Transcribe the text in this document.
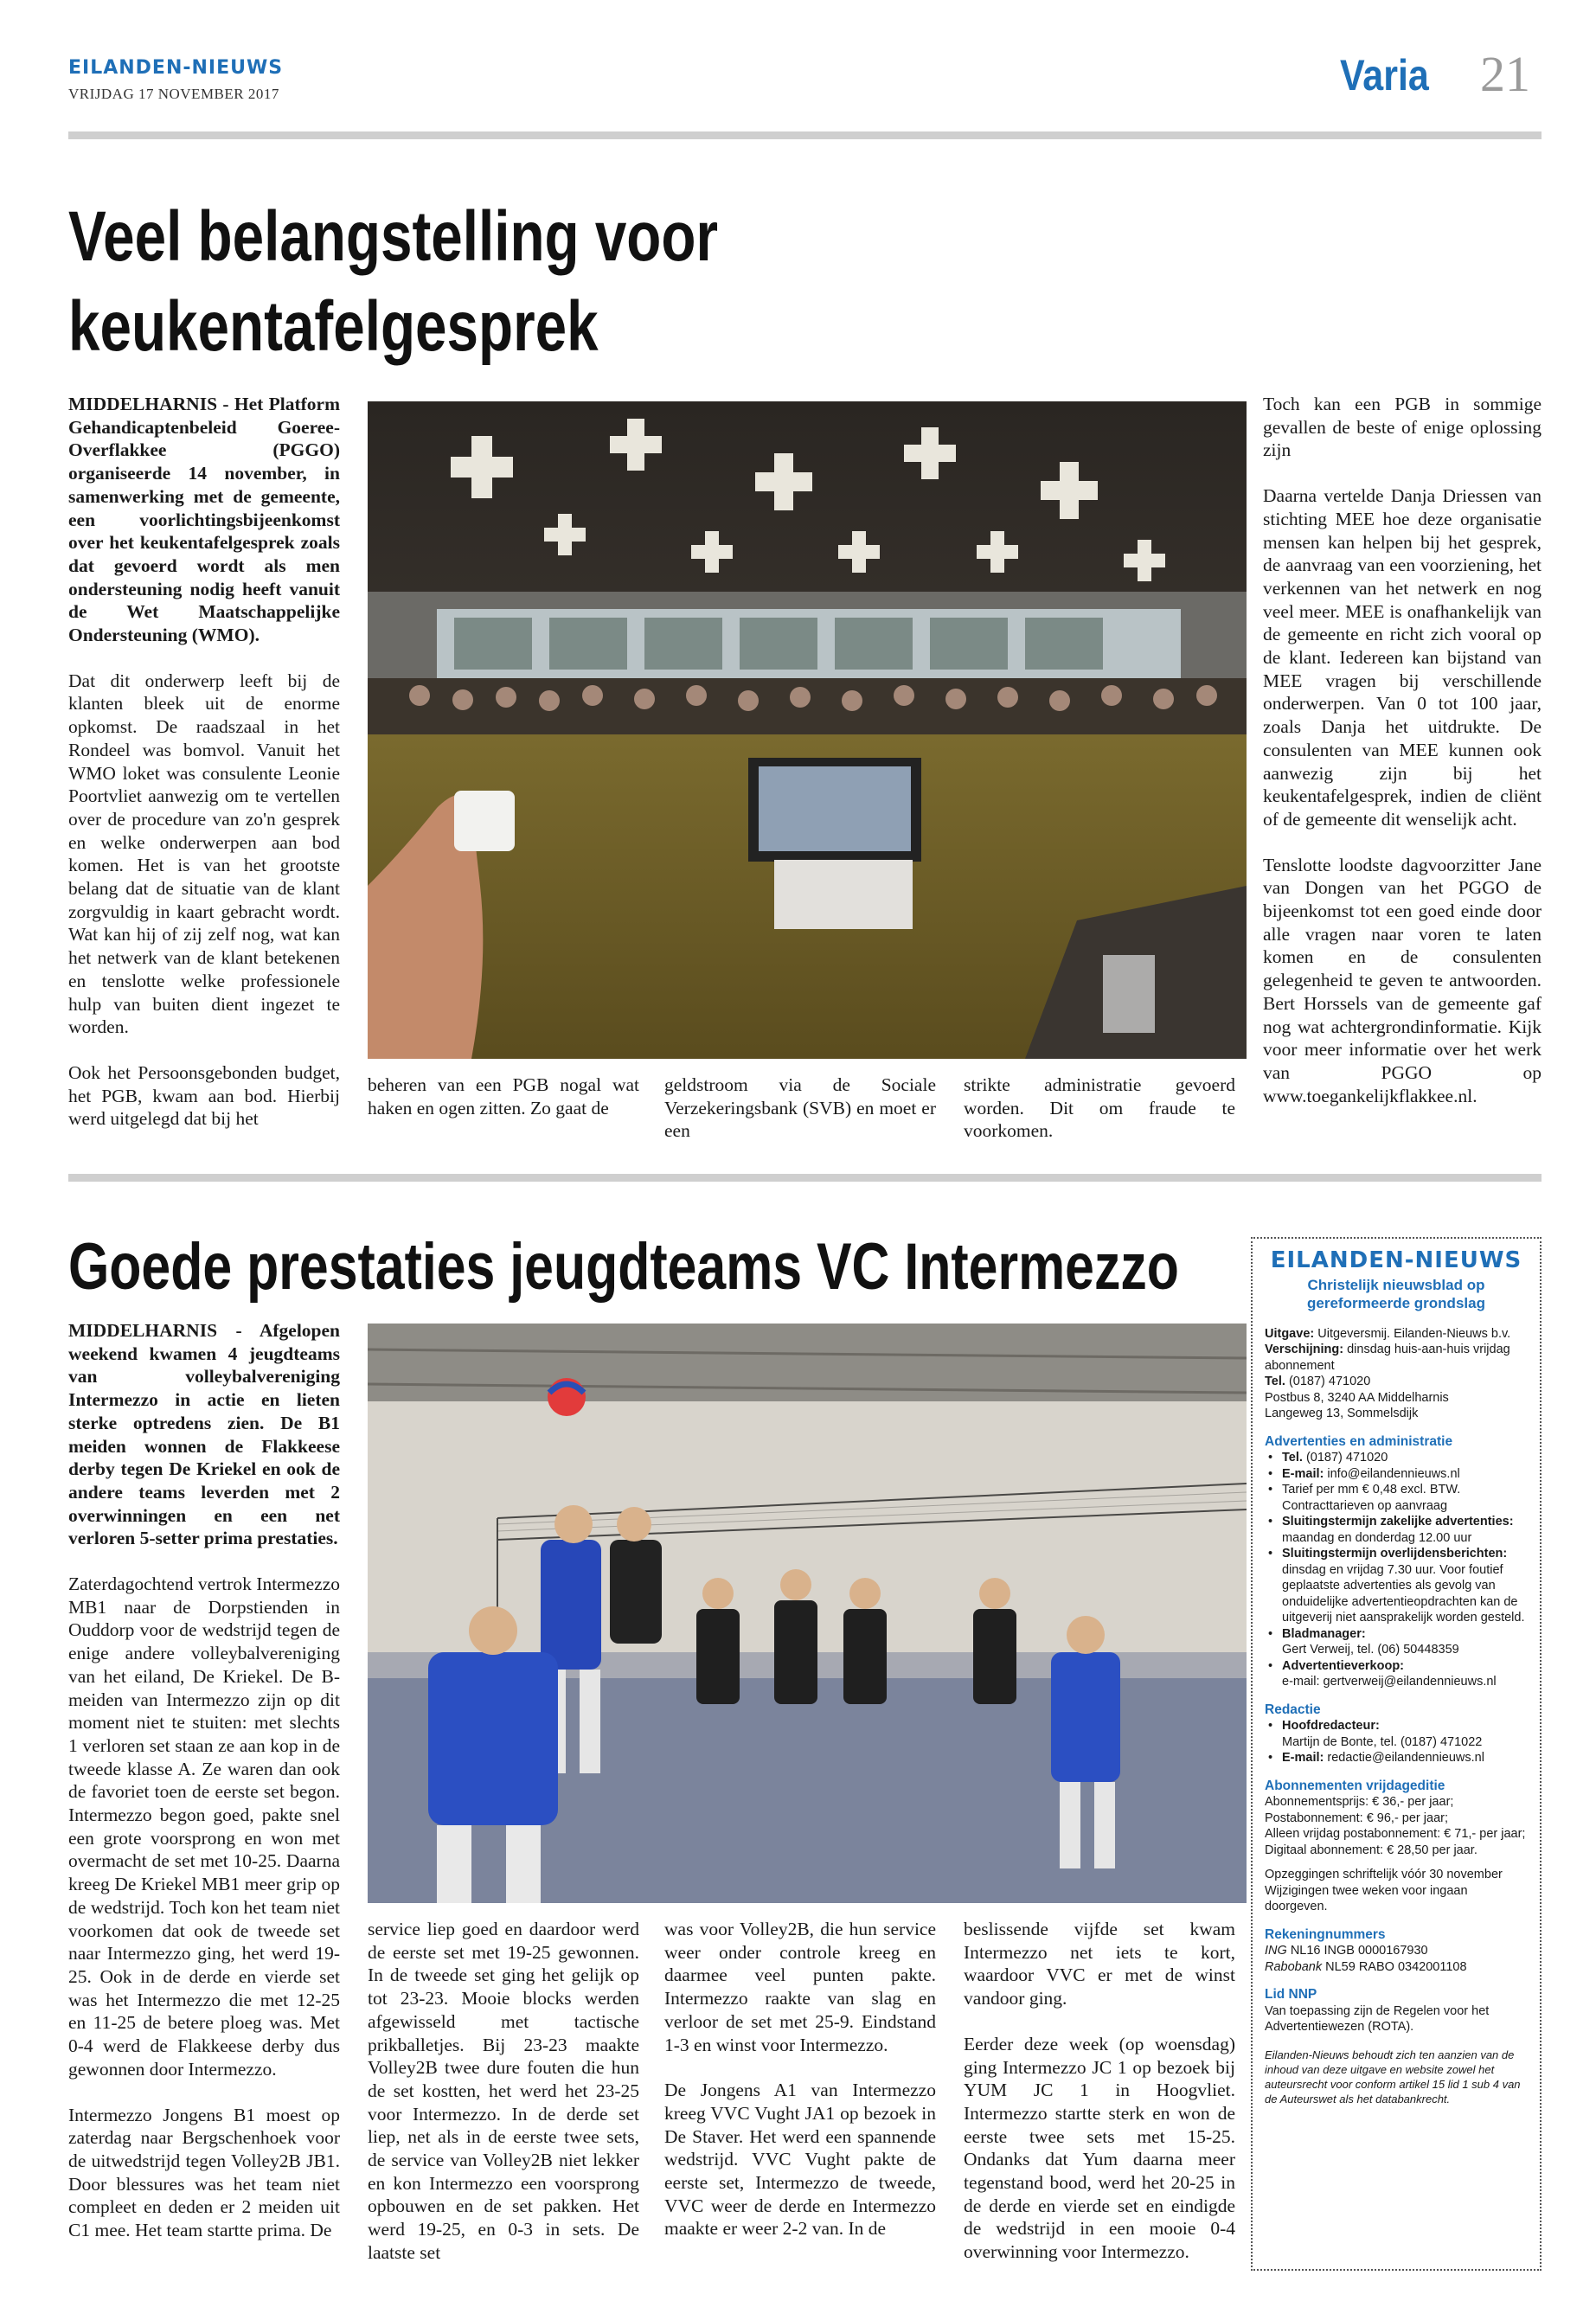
EILANDEN-NIEUWS
VRIJDAG 17 NOVEMBER 2017	Varia 21
Veel belangstelling voor
keukentafelgesprek

MIDDELHARNIS - Het Platform Gehandicaptenbeleid Goeree-Overflakkee (PGGO) organiseerde 14 november, in samenwerking met de gemeente, een voorlichtingsbijeenkomst over het keukentafelgesprek zoals dat gevoerd wordt als men ondersteuning nodig heeft vanuit de Wet Maatschappelijke Ondersteuning (WMO).

Dat dit onderwerp leeft bij de klanten bleek uit de enorme opkomst. De raadszaal in het Rondeel was bomvol. Vanuit het WMO loket was consulente Leonie Poortvliet aanwezig om te vertellen over de procedure van zo'n gesprek en welke onderwerpen aan bod komen. Het is van het grootste belang dat de situatie van de klant zorgvuldig in kaart gebracht wordt. Wat kan hij of zij zelf nog, wat kan het netwerk van de klant betekenen en tenslotte welke professionele hulp van buiten dient ingezet te worden.

Ook het Persoonsgebonden budget, het PGB, kwam aan bod. Hierbij werd uitgelegd dat bij het

beheren van een PGB nogal wat haken en ogen zitten. Zo gaat de

geldstroom via de Sociale Verzekeringsbank (SVB) en moet er een

strikte administratie gevoerd worden. Dit om fraude te voorkomen.

Toch kan een PGB in sommige gevallen de beste of enige oplossing zijn

Daarna vertelde Danja Driessen van stichting MEE hoe deze organisatie mensen kan helpen bij het gesprek, de aanvraag van een voorziening, het verkennen van het netwerk en nog veel meer. MEE is onafhankelijk van de gemeente en richt zich vooral op de klant. Iedereen kan bijstand van MEE vragen bij verschillende onderwerpen. Van 0 tot 100 jaar, zoals Danja het uitdrukte. De consulenten van MEE kunnen ook aanwezig zijn bij het keukentafelgesprek, indien de cliënt of de gemeente dit wenselijk acht.

Tenslotte loodste dagvoorzitter Jane van Dongen van het PGGO de bijeenkomst tot een goed einde door alle vragen naar voren te laten komen en de consulenten gelegenheid te geven te antwoorden. Bert Horssels van de gemeente gaf nog wat achtergrondinformatie. Kijk voor meer informatie over het werk van PGGO op www.toegankelijkflakkee.nl.

Goede prestaties jeugdteams VC Intermezzo

MIDDELHARNIS - Afgelopen weekend kwamen 4 jeugdteams van volleybalvereniging Intermezzo in actie en lieten sterke optredens zien. De B1 meiden wonnen de Flakkeese derby tegen De Kriekel en ook de andere teams leverden met 2 overwinningen en een net verloren 5-setter prima prestaties.

Zaterdagochtend vertrok Intermezzo MB1 naar de Dorpstienden in Ouddorp voor de wedstrijd tegen de enige andere volleybalvereniging van het eiland, De Kriekel. De B-meiden van Intermezzo zijn op dit moment niet te stuiten: met slechts 1 verloren set staan ze aan kop in de tweede klasse A. Ze waren dan ook de favoriet toen de eerste set begon. Intermezzo begon goed, pakte snel een grote voorsprong en won met overmacht de set met 10-25. Daarna kreeg De Kriekel MB1 meer grip op de wedstrijd. Toch kon het team niet voorkomen dat ook de tweede set naar Intermezzo ging, het werd 19-25. Ook in de derde en vierde set was het Intermezzo die met 12-25 en 11-25 de betere ploeg was. Met 0-4 werd de Flakkeese derby dus gewonnen door Intermezzo.

Intermezzo Jongens B1 moest op zaterdag naar Bergschenhoek voor de uitwedstrijd tegen Volley2B JB1. Door blessures was het team niet compleet en deden er 2 meiden uit C1 mee. Het team startte prima. De

service liep goed en daardoor werd de eerste set met 19-25 gewonnen. In de tweede set ging het gelijk op tot 23-23. Mooie blocks werden afgewisseld met tactische prikballetjes. Bij 23-23 maakte Volley2B twee dure fouten die hun de set kostten, het werd het 23-25 voor Intermezzo. In de derde set liep, net als in de eerste twee sets, de service van Volley2B niet lekker en kon Intermezzo een voorsprong opbouwen en de set pakken. Het werd 19-25, en 0-3 in sets. De laatste set

was voor Volley2B, die hun service weer onder controle kreeg en daarmee veel punten pakte. Intermezzo raakte van slag en verloor de set met 25-9. Eindstand 1-3 en winst voor Intermezzo.

De Jongens A1 van Intermezzo kreeg VVC Vught JA1 op bezoek in De Staver. Het werd een spannende wedstrijd. VVC Vught pakte de eerste set, Intermezzo de tweede, VVC weer de derde en Intermezzo maakte er weer 2-2 van. In de

beslissende vijfde set kwam Intermezzo net iets te kort, waardoor VVC er met de winst vandoor ging.

Eerder deze week (op woensdag) ging Intermezzo JC 1 op bezoek bij YUM JC 1 in Hoogvliet. Intermezzo startte sterk en won de eerste twee sets met 15-25. Ondanks dat Yum daarna meer tegenstand bood, werd het 20-25 in de derde en vierde set en eindigde de wedstrijd in een mooie 0-4 overwinning voor Intermezzo.

EILANDEN-NIEUWS
Christelijk nieuwsblad op gereformeerde grondslag

Uitgave: Uitgeversmij. Eilanden-Nieuws b.v.

Verschijning: dinsdag huis-aan-huis vrijdag abonnement

Tel. (0187) 471020

Postbus 8, 3240 AA Middelharnis

Langeweg 13, Sommelsdijk

Advertenties en administratie
• Tel. (0187) 471020
• E-mail: info@eilandennieuws.nl
• Tarief per mm € 0,48 excl. BTW.
Contracttarieven op aanvraag
• Sluitingstermijn zakelijke advertenties:
maandag en donderdag 12.00 uur
• Sluitingstermijn overlijdensberichten:
dinsdag en vrijdag 7.30 uur. Voor foutief geplaatste advertenties als gevolg van onduidelijke advertentieopdrachten kan de uitgeverij niet aansprakelijk worden gesteld.
• Bladmanager:
Gert Verweij, tel. (06) 50448359
• Advertentieverkoop:
e-mail: gertverweij@eilandennieuws.nl
Redactie
• Hoofdredacteur:
Martijn de Bonte, tel. (0187) 471022
• E-mail: redactie@eilandennieuws.nl
Abonnementen vrijdageditie

Abonnementsprijs: € 36,- per jaar;

Postabonnement: € 96,- per jaar;

Alleen vrijdag postabonnement: € 71,- per jaar;

Digitaal abonnement: € 28,50 per jaar.

Opzeggingen schriftelijk vóór 30 november

Wijzigingen twee weken voor ingaan doorgeven.

Rekeningnummers

ING NL16 INGB 0000167930

Rabobank NL59 RABO 0342001108

Lid NNP

Van toepassing zijn de Regelen voor het Advertentiewezen (ROTA).

Eilanden-Nieuws behoudt zich ten aanzien van de inhoud van deze uitgave en website zowel het auteursrecht voor conform artikel 15 lid 1 sub 4 van de Auteurswet als het databankrecht.
